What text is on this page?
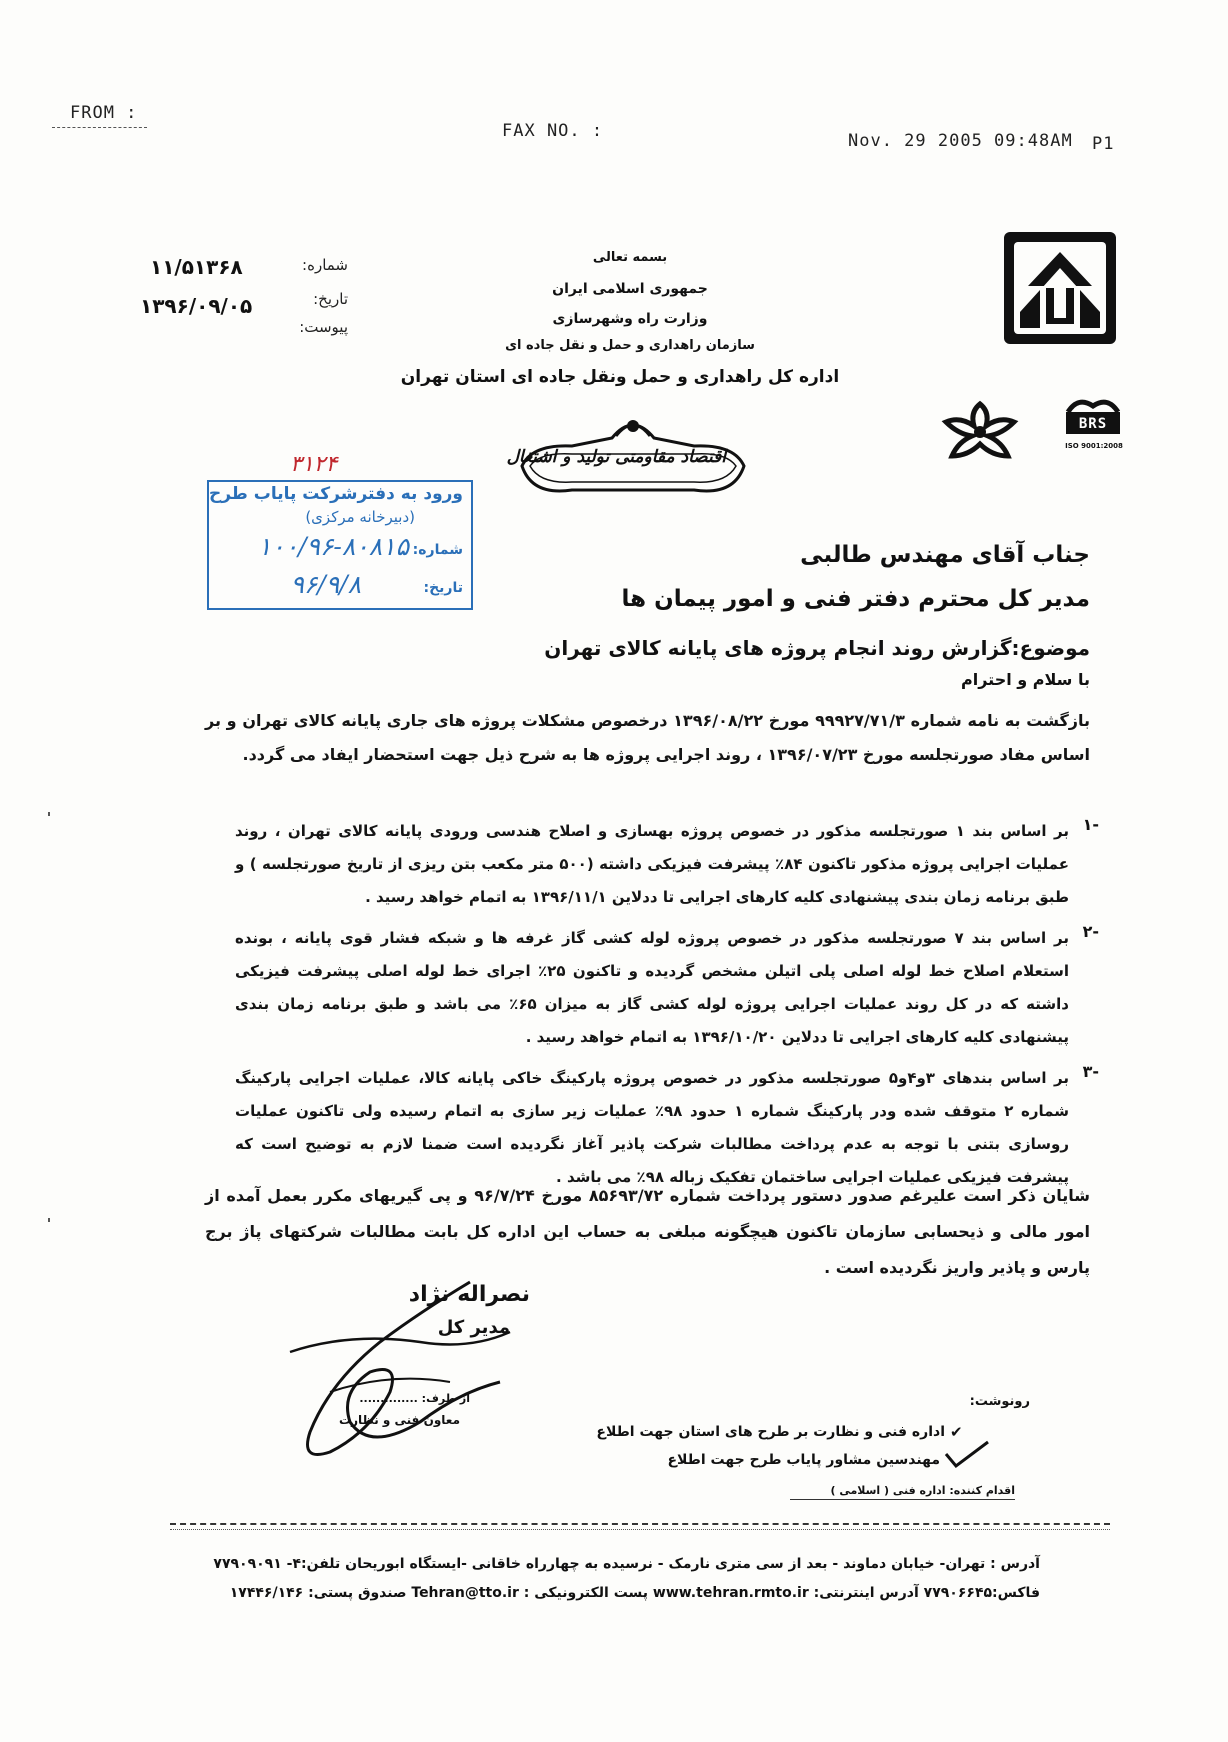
FROM :
FAX NO. :	Nov. 29 2005 09:48AM P1
۱۱/۵۱۳۶۸	شماره:
۱۳۹۶/۰۹/۰۵	تاریخ:
پیوست:
بسمه تعالی
جمهوری اسلامی ایران
وزارت راه وشهرسازی
سازمان راهداری و حمل و نقل جاده ای
اداره کل راهداری و حمل ونقل جاده ای استان تهران
اقتصاد مقاومتی تولید و اشتغال
BRS
ISO 9001:2008
۳۱۲۴
ورود به دفترشرکت پایاب طرح
(دبیرخانه مرکزی)
شماره:
۱۰۰/۹۶-۸۰۸۱۵
تاریخ:
۹۶/۹/۸
جناب آقای مهندس طالبی
مدیر کل محترم دفتر فنی و امور پیمان ها
موضوع:گزارش روند انجام پروژه های پایانه کالای تهران
با سلام و احترام
بازگشت به نامه شماره ۹۹۹۲۷/۷۱/۳ مورخ ۱۳۹۶/۰۸/۲۲ درخصوص مشکلات پروژه های جاری پایانه کالای تهران و بر اساس مفاد صورتجلسه مورخ ۱۳۹۶/۰۷/۲۳ ، روند اجرایی پروژه ها به شرح ذیل جهت استحضار ایفاد می گردد.
۱-
بر اساس بند ۱ صورتجلسه مذکور در خصوص پروژه بهسازی و اصلاح هندسی ورودی پایانه کالای تهران ، روند عملیات اجرایی پروژه مذکور تاکنون ۸۴٪ پیشرفت فیزیکی داشته (۵۰۰ متر مکعب بتن ریزی از تاریخ صورتجلسه ) و طبق برنامه زمان بندی پیشنهادی کلیه کارهای اجرایی تا ددلاین ۱۳۹۶/۱۱/۱ به اتمام خواهد رسید .
۲-
بر اساس بند ۷ صورتجلسه مذکور در خصوص پروژه لوله کشی گاز غرفه ها و شبکه فشار قوی پایانه ، بونده استعلام اصلاح خط لوله اصلی پلی اتیلن مشخص گردیده و تاکنون ۲۵٪ اجرای خط لوله اصلی پیشرفت فیزیکی داشته که در کل روند عملیات اجرایی پروژه لوله کشی گاز به میزان ۶۵٪ می باشد و طبق برنامه زمان بندی پیشنهادی کلیه کارهای اجرایی تا ددلاین ۱۳۹۶/۱۰/۲۰ به اتمام خواهد رسید .
۳-
بر اساس بندهای ۳و۴و۵ صورتجلسه مذکور در خصوص پروژه پارکینگ خاکی پایانه کالا، عملیات اجرایی پارکینگ شماره ۲ متوقف شده ودر پارکینگ شماره ۱ حدود ۹۸٪ عملیات زیر سازی به اتمام رسیده ولی تاکنون عملیات روسازی بتنی با توجه به عدم پرداخت مطالبات شرکت پاذیر آغاز نگردیده است ضمنا لازم به توضیح است که پیشرفت فیزیکی عملیات اجرایی ساختمان تفکیک زباله ۹۸٪ می باشد .
شایان ذکر است علیرغم صدور دستور پرداخت شماره ۸۵۶۹۳/۷۲ مورخ ۹۶/۷/۲۴ و پی گیریهای مکرر بعمل آمده از امور مالی و ذیحسابی سازمان تاکنون هیچگونه مبلغی به حساب این اداره کل بابت مطالبات شرکتهای پاژ برج پارس و پاذیر واریز نگردیده است .
نصراله نژاد
مدیر کل
از طرف: ..............
معاون فنی و نظارت
رونوشت:
✔
اداره فنی و نظارت بر طرح های استان جهت اطلاع
مهندسین مشاور پایاب طرح جهت اطلاع
اقدام کننده: اداره فنی ( اسلامی )
آدرس : تهران- خیابان دماوند - بعد از سی متری نارمک - نرسیده به چهارراه خاقانی -ایستگاه ابوریحان تلفن:۴- ۷۷۹۰۹۰۹۱
فاکس:۷۷۹۰۶۶۴۵ آدرس اینترنتی: www.tehran.rmto.ir پست الکترونیکی : Tehran@tto.ir صندوق پستی: ۱۷۴۴۶/۱۴۶
